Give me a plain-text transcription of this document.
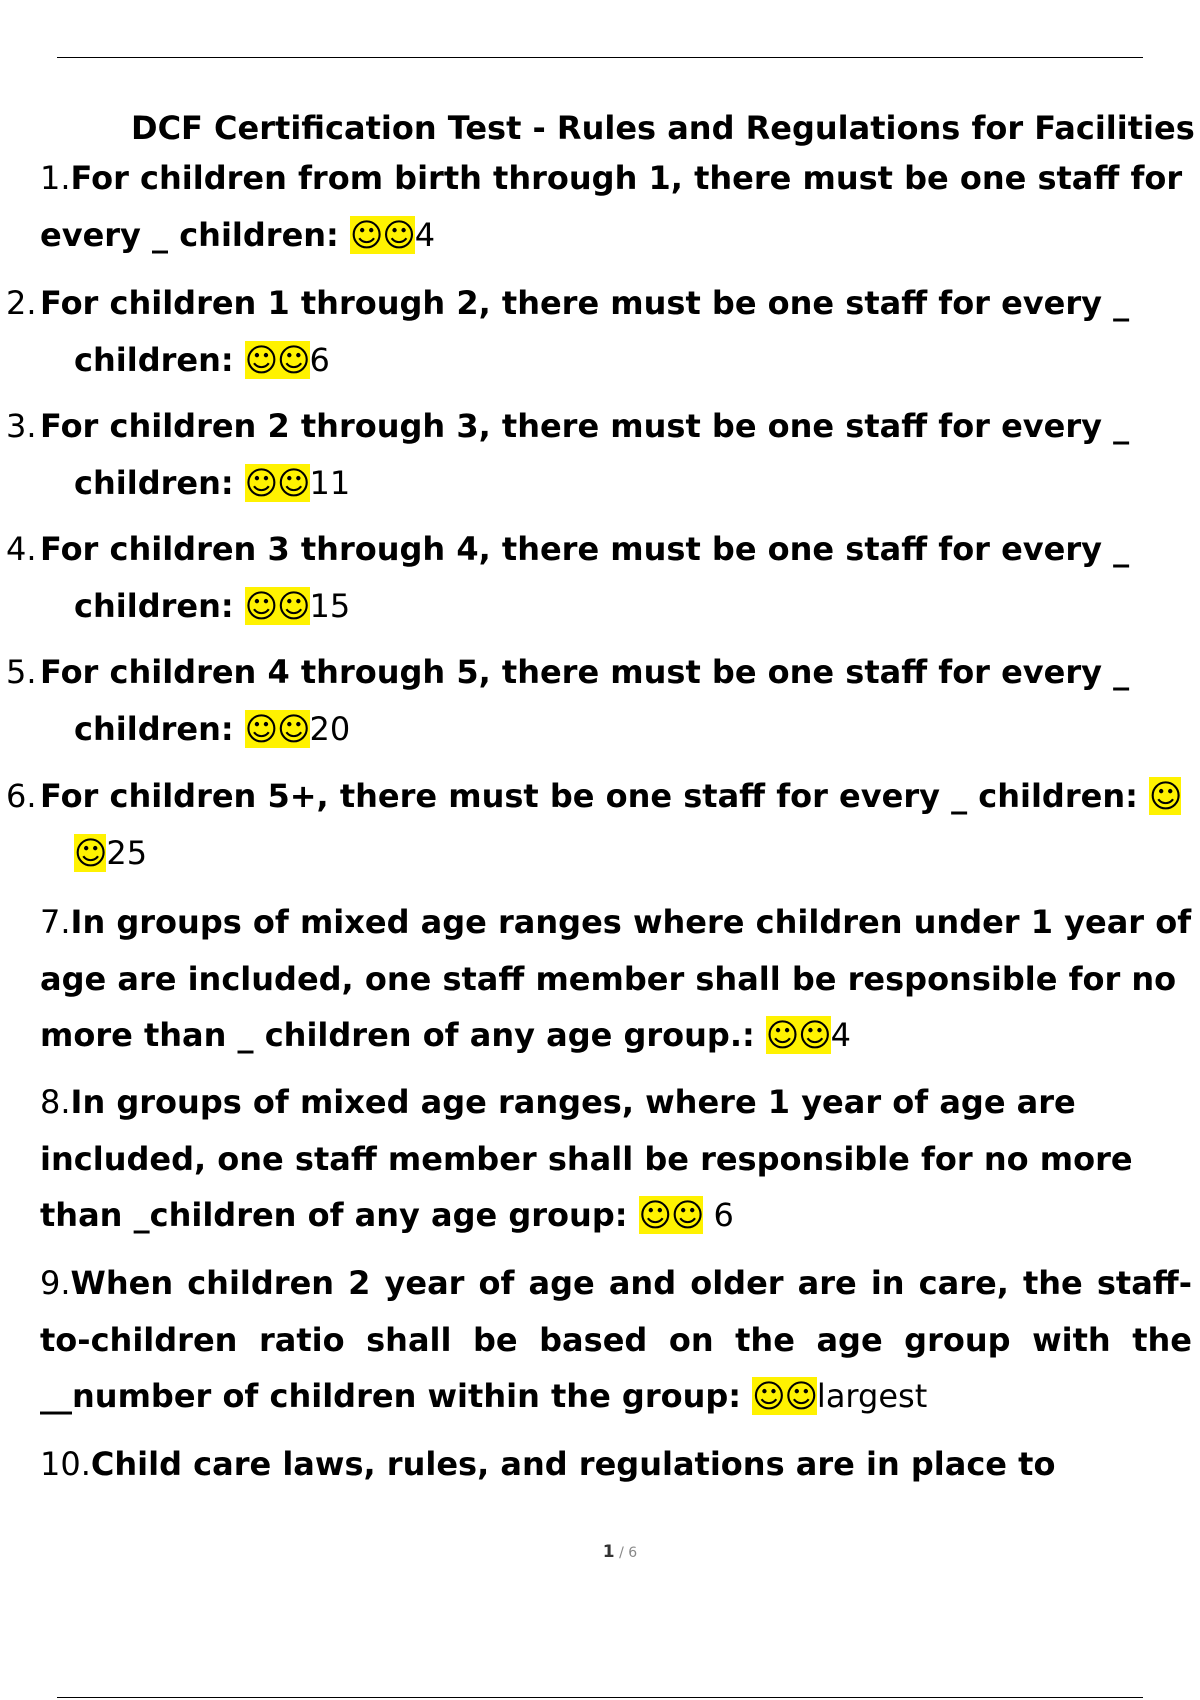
DCF Certification Test - Rules and Regulations for Facilities
1.For children from birth through 1, there must be one staff for every _ children: ☺☺4
2. For children 1 through 2, there must be one staff for every _ children: ☺☺6
3. For children 2 through 3, there must be one staff for every _ children: ☺☺11
4. For children 3 through 4, there must be one staff for every _ children: ☺☺15
5. For children 4 through 5, there must be one staff for every _ children: ☺☺20
6. For children 5+, there must be one staff for every _ children: ☺☺25
7.In groups of mixed age ranges where children under 1 year of age are included, one staff member shall be responsible for no more than _ children of any age group.: ☺☺4
8.In groups of mixed age ranges, where 1 year of age are included, one staff member shall be responsible for no more than _children of any age group: ☺☺ 6
9.When children 2 year of age and older are in care, the staff-to-children ratio shall be based on the age group with the __number of children within the group: ☺☺largest
10.Child care laws, rules, and regulations are in place to
1 / 6
